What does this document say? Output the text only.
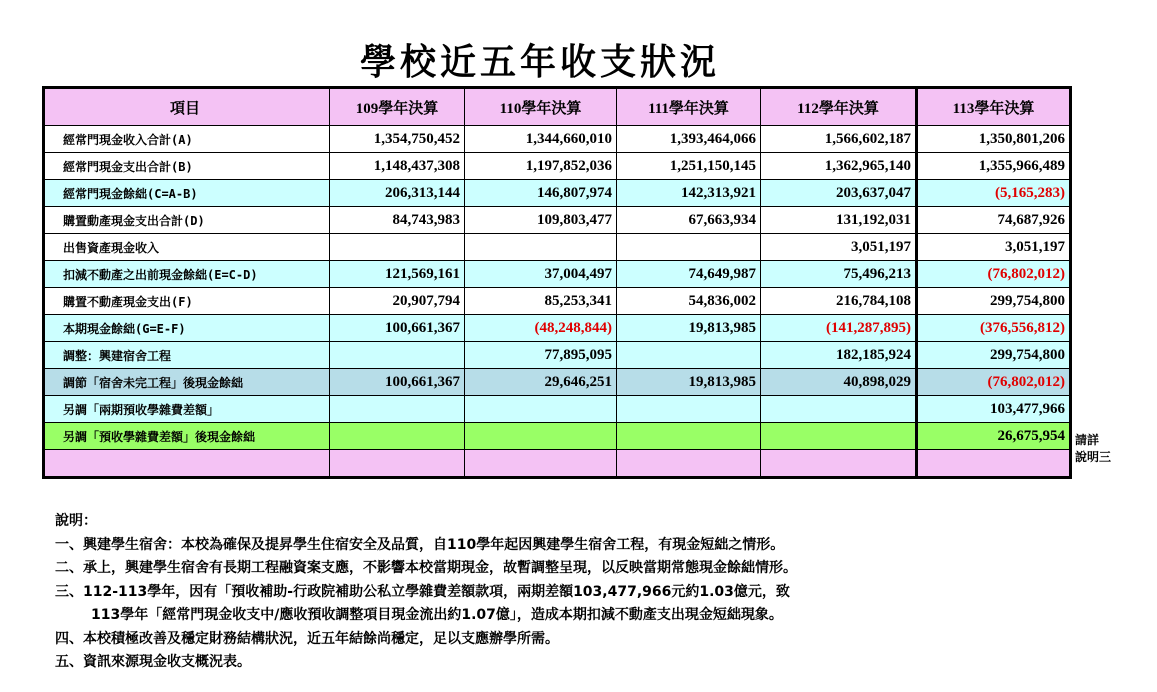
學校近五年收支狀況
項目	109學年決算	110學年決算	111學年決算	112學年決算	113學年決算
經常門現金收入合計(A)	1,354,750,452	1,344,660,010	1,393,464,066	1,566,602,187	1,350,801,206
經常門現金支出合計(B)	1,148,437,308	1,197,852,036	1,251,150,145	1,362,965,140	1,355,966,489
經常門現金餘絀(C=A-B)	206,313,144	146,807,974	142,313,921	203,637,047	(5,165,283)
購置動產現金支出合計(D)	84,743,983	109,803,477	67,663,934	131,192,031	74,687,926
出售資產現金收入				3,051,197	3,051,197
扣減不動產之出前現金餘絀(E=C-D)	121,569,161	37,004,497	74,649,987	75,496,213	(76,802,012)
購置不動產現金支出(F)	20,907,794	85,253,341	54,836,002	216,784,108	299,754,800
本期現金餘絀(G=E-F)	100,661,367	(48,248,844)	19,813,985	(141,287,895)	(376,556,812)
調整：興建宿舍工程		77,895,095		182,185,924	299,754,800
調節「宿舍未完工程」後現金餘絀	100,661,367	29,646,251	19,813,985	40,898,029	(76,802,012)
另調「兩期預收學雜費差額」					103,477,966
另調「預收學雜費差額」後現金餘絀					26,675,954
					請詳
說明三
說明：
一、興建學生宿舍：本校為確保及提昇學生住宿安全及品質，自110學年起因興建學生宿舍工程，有現金短絀之情形。
二、承上，興建學生宿舍有長期工程融資案支應，不影響本校當期現金，故暫調整呈現，以反映當期常態現金餘絀情形。
三、112-113學年，因有「預收補助-行政院補助公私立學雜費差額款項，兩期差額103,477,966元約1.03億元，致
113學年「經常門現金收支中/應收預收調整項目現金流出約1.07億」，造成本期扣減不動產支出現金短絀現象。
四、本校積極改善及穩定財務結構狀況，近五年結餘尚穩定，足以支應辦學所需。
五、資訊來源現金收支概況表。
